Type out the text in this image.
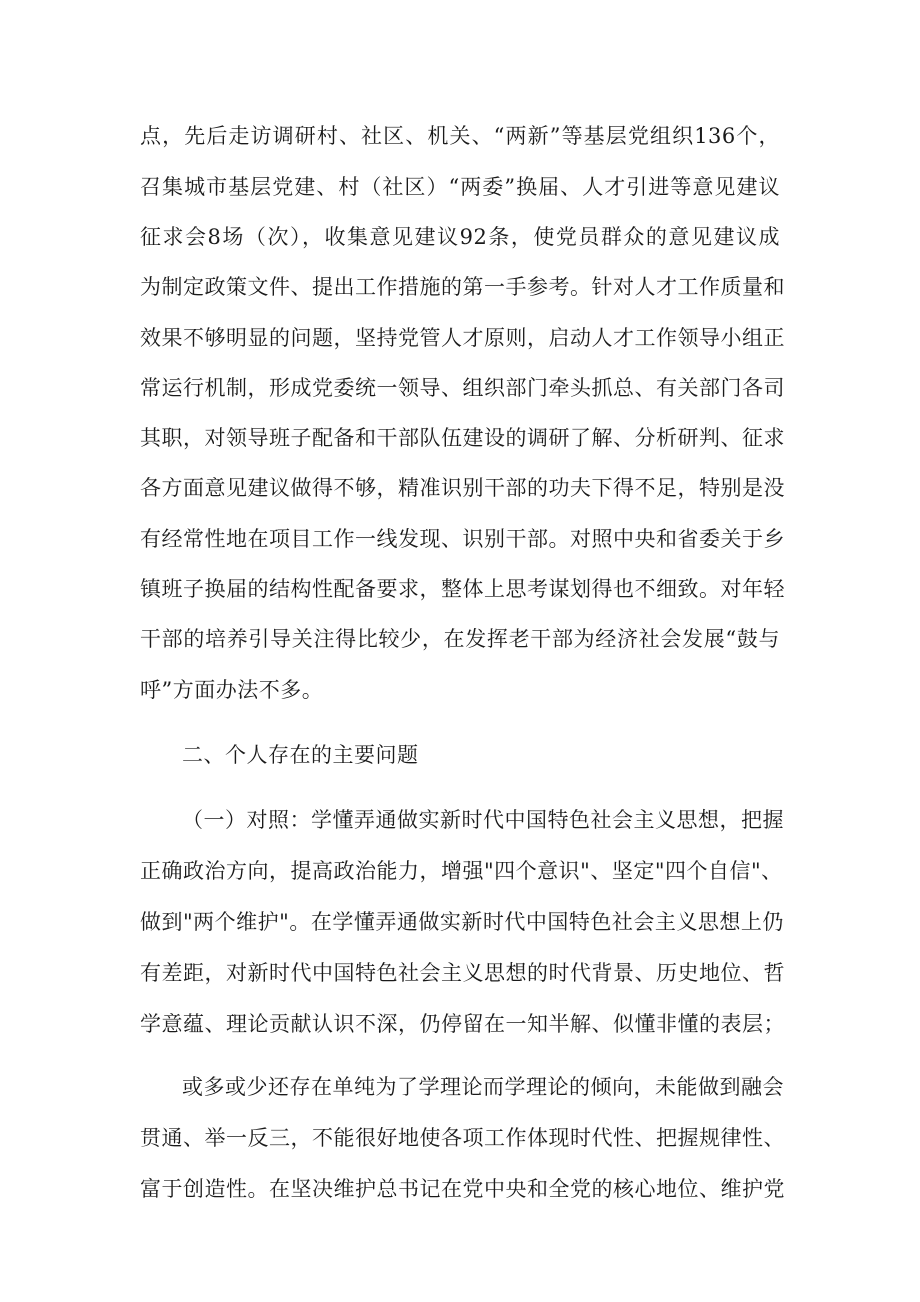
点，先后走访调研村、社区、机关、“两新”等基层党组织136个，
召集城市基层党建、村（社区）“两委”换届、人才引进等意见建议
征求会8场（次），收集意见建议92条，使党员群众的意见建议成
为制定政策文件、提出工作措施的第一手参考。针对人才工作质量和
效果不够明显的问题，坚持党管人才原则，启动人才工作领导小组正
常运行机制，形成党委统一领导、组织部门牵头抓总、有关部门各司
其职，对领导班子配备和干部队伍建设的调研了解、分析研判、征求
各方面意见建议做得不够，精准识别干部的功夫下得不足，特别是没
有经常性地在项目工作一线发现、识别干部。对照中央和省委关于乡
镇班子换届的结构性配备要求，整体上思考谋划得也不细致。对年轻
干部的培养引导关注得比较少，在发挥老干部为经济社会发展“鼓与
呼”方面办法不多。
二、个人存在的主要问题
（一）对照：学懂弄通做实新时代中国特色社会主义思想，把握
正确政治方向，提高政治能力，增强"四个意识"、坚定"四个自信"、
做到"两个维护"。在学懂弄通做实新时代中国特色社会主义思想上仍
有差距，对新时代中国特色社会主义思想的时代背景、历史地位、哲
学意蕴、理论贡献认识不深，仍停留在一知半解、似懂非懂的表层；
或多或少还存在单纯为了学理论而学理论的倾向，未能做到融会
贯通、举一反三，不能很好地使各项工作体现时代性、把握规律性、
富于创造性。在坚决维护总书记在党中央和全党的核心地位、维护党
